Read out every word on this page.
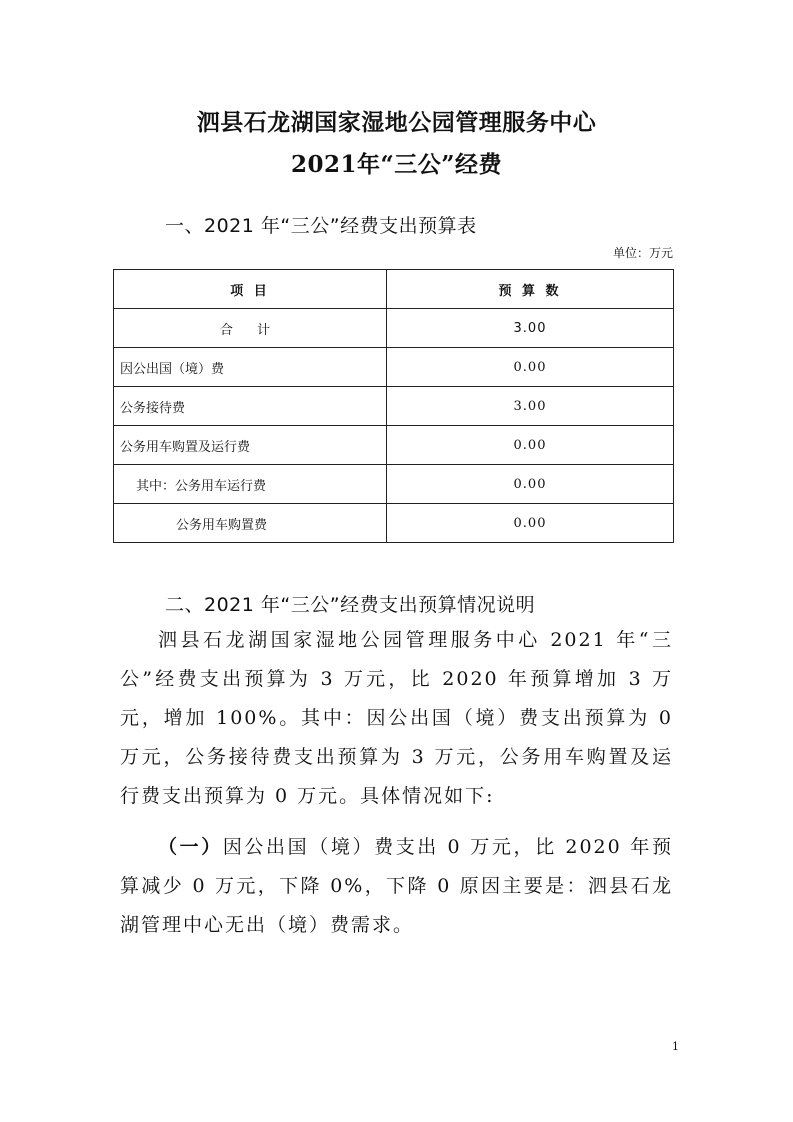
泗县石龙湖国家湿地公园管理服务中心
2021年“三公”经费
一、2021 年“三公”经费支出预算表
单位：万元
项 目	预 算 数
合 计	3.00
因公出国（境）费	0.00
公务接待费	3.00
公务用车购置及运行费	0.00
其中：公务用车运行费	0.00
公务用车购置费	0.00
二、2021 年“三公”经费支出预算情况说明

泗县石龙湖国家湿地公园管理服务中心 2021 年“三公”经费支出预算为 3 万元，比 2020 年预算增加 3 万元，增加 100%。其中：因公出国（境）费支出预算为 0 万元，公务接待费支出预算为 3 万元，公务用车购置及运行费支出预算为 0 万元。具体情况如下:

（一）因公出国（境）费支出 0 万元，比 2020 年预算减少 0 万元，下降 0%，下降 0 原因主要是：泗县石龙湖管理中心无出（境）费需求。

1
